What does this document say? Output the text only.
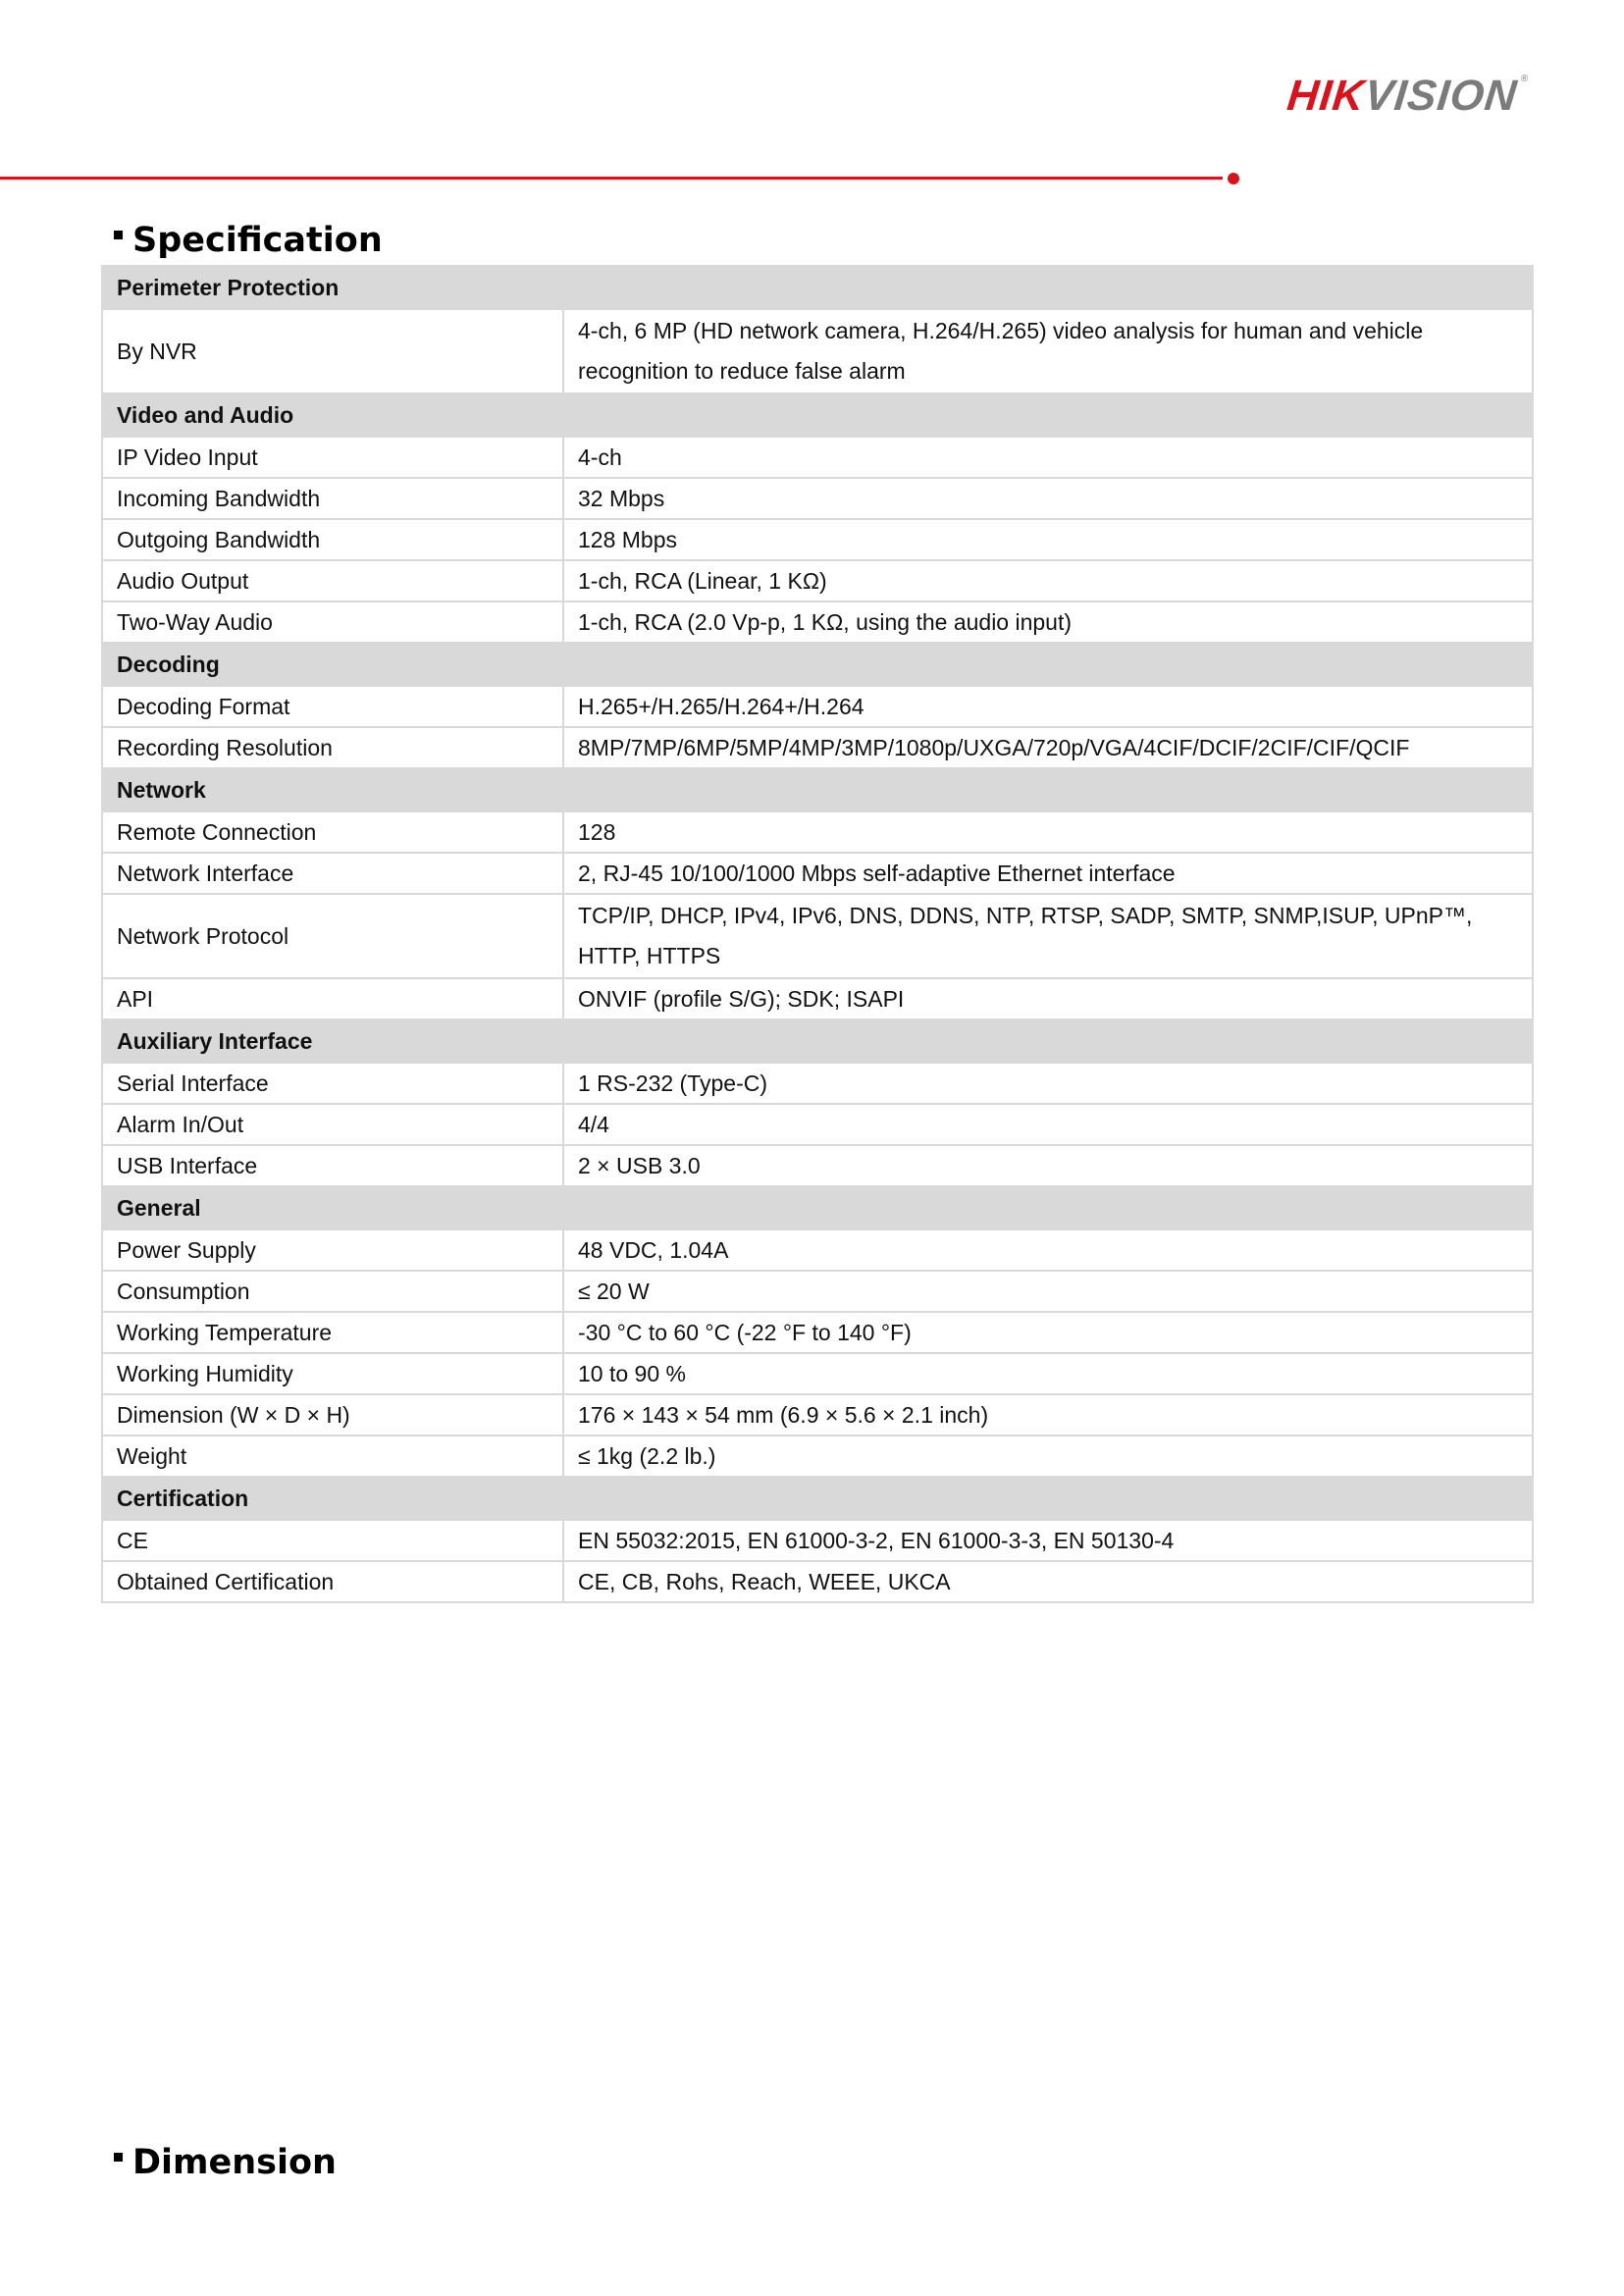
HIKVISION®
Specification
Perimeter Protection	
By NVR	4-ch, 6 MP (HD network camera, H.264/H.265) video analysis for human and vehicle recognition to reduce false alarm
Video and Audio	
IP Video Input	4-ch
Incoming Bandwidth	32 Mbps
Outgoing Bandwidth	128 Mbps
Audio Output	1-ch, RCA (Linear, 1 KΩ)
Two-Way Audio	1-ch, RCA (2.0 Vp-p, 1 KΩ, using the audio input)
Decoding	
Decoding Format	H.265+/H.265/H.264+/H.264
Recording Resolution	8MP/7MP/6MP/5MP/4MP/3MP/1080p/UXGA/720p/VGA/4CIF/DCIF/2CIF/CIF/QCIF
Network	
Remote Connection	128
Network Interface	2, RJ-45 10/100/1000 Mbps self-adaptive Ethernet interface
Network Protocol	TCP/IP, DHCP, IPv4, IPv6, DNS, DDNS, NTP, RTSP, SADP, SMTP, SNMP,ISUP, UPnP™, HTTP, HTTPS
API	ONVIF (profile S/G); SDK; ISAPI
Auxiliary Interface	
Serial Interface	1 RS-232 (Type-C)
Alarm In/Out	4/4
USB Interface	2 × USB 3.0
General	
Power Supply	48 VDC, 1.04A
Consumption	≤ 20 W
Working Temperature	-30 °C to 60 °C (-22 °F to 140 °F)
Working Humidity	10 to 90 %
Dimension (W × D × H)	176 × 143 × 54 mm (6.9 × 5.6 × 2.1 inch)
Weight	≤ 1kg (2.2 lb.)
Certification	
CE	EN 55032:2015, EN 61000-3-2, EN 61000-3-3, EN 50130-4
Obtained Certification	CE, CB, Rohs, Reach, WEEE, UKCA
Dimension
